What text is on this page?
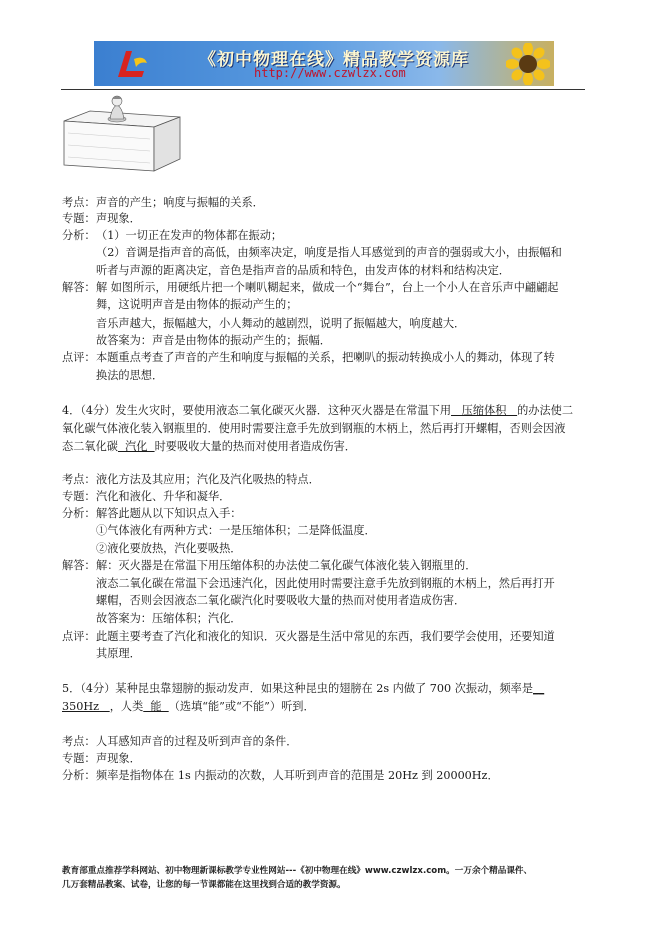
《初中物理在线》精品教学资源库
http://www.czwlzx.com
考点：声音的产生；响度与振幅的关系．
专题：声现象．
分析：（1）一切正在发声的物体都在振动；
（2）音调是指声音的高低，由频率决定，响度是指人耳感觉到的声音的强弱或大小，由振幅和
听者与声源的距离决定，音色是指声音的品质和特色，由发声体的材料和结构决定．
解答：解 如图所示，用硬纸片把一个喇叭糊起来，做成一个“舞台”，台上一个小人在音乐声中翩翩起
舞，这说明声音是由物体的振动产生的；
音乐声越大，振幅越大，小人舞动的越剧烈，说明了振幅越大，响度越大．
故答案为：声音是由物体的振动产生的；振幅．
点评：本题重点考查了声音的产生和响度与振幅的关系，把喇叭的振动转换成小人的舞动，体现了转
换法的思想．
4．（4分）发生火灾时，要使用液态二氧化碳灭火器．这种灭火器是在常温下用   压缩体积   的办法使二
氧化碳气体液化装入钢瓶里的．使用时需要注意手先放到钢瓶的木柄上，然后再打开螺帽，否则会因液
态二氧化碳  汽化  时要吸收大量的热而对使用者造成伤害．
考点：液化方法及其应用；汽化及汽化吸热的特点．
专题：汽化和液化、升华和凝华．
分析：解答此题从以下知识点入手：
①气体液化有两种方式：一是压缩体积；二是降低温度．
②液化要放热，汽化要吸热．
解答：解：灭火器是在常温下用压缩体积的办法使二氧化碳气体液化装入钢瓶里的．
液态二氧化碳在常温下会迅速汽化，因此使用时需要注意手先放到钢瓶的木柄上，然后再打开
螺帽，否则会因液态二氧化碳汽化时要吸收大量的热而对使用者造成伤害．
故答案为：压缩体积；汽化．
点评：此题主要考查了汽化和液化的知识．灭火器是生活中常见的东西，我们要学会使用，还要知道
其原理．
5．（4分）某种昆虫靠翅膀的振动发声．如果这种昆虫的翅膀在 2s 内做了 700 次振动，频率是__
350Hz ，人类  能  （选填“能”或“不能”）听到．
考点：人耳感知声音的过程及听到声音的条件．
专题：声现象．
分析：频率是指物体在 1s 内振动的次数，人耳听到声音的范围是 20Hz 到 20000Hz．
教育部重点推荐学科网站、初中物理新课标教学专业性网站---《初中物理在线》www.czwlzx.com。一万余个精品课件、
几万套精品教案、试卷，让您的每一节课都能在这里找到合适的教学资源。
